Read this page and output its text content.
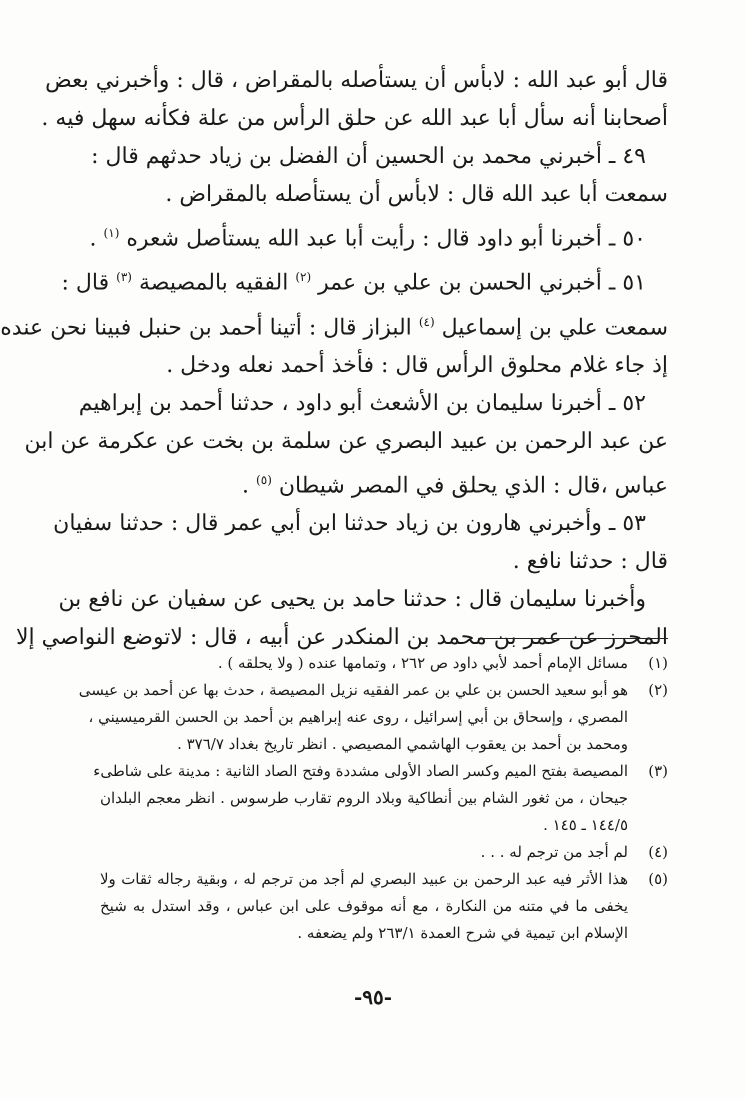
قال أبو عبد الله : لابأس أن يستأصله بالمقراض ، قال : وأخبرني بعض
أصحابنا أنه سأل أبا عبد الله عن حلق الرأس من علة فكأنه سهل فيه .
٤٩ ـ أخبرني محمد بن الحسين أن الفضل بن زياد حدثهم قال :
سمعت أبا عبد الله قال : لابأس أن يستأصله بالمقراض .
٥٠ ـ أخبرنا أبو داود قال : رأيت أبا عبد الله يستأصل شعره $^{(١)}$ .
٥١ ـ أخبرني الحسن بن علي بن عمر $^{(٢)}$ الفقيه بالمصيصة $^{(٣)}$ قال :
سمعت علي بن إسماعيل $^{(٤)}$ البزاز قال : أتينا أحمد بن حنبل فبينا نحن عنده
إذ جاء غلام محلوق الرأس قال : فأخذ أحمد نعله ودخل .
٥٢ ـ أخبرنا سليمان بن الأشعث أبو داود ، حدثنا أحمد بن إبراهيم
عن عبد الرحمن بن عبيد البصري عن سلمة بن بخت عن عكرمة عن ابن
عباس ،قال : الذي يحلق في المصر شيطان $^{(٥)}$ .
٥٣ ـ وأخبرني هارون بن زياد حدثنا ابن أبي عمر قال : حدثنا سفيان
قال : حدثنا نافع .
وأخبرنا سليمان قال : حدثنا حامد بن يحيى عن سفيان عن نافع بن
المحرز عن عمر بن محمد بن المنكدر عن أبيه ، قال : لاتوضع النواصي إلا
(١)
مسائل الإمام أحمد لأبي داود ص ٢٦٢ ، وتمامها عنده ( ولا يحلقه ) .
(٢)
هو أبو سعيد الحسن بن علي بن عمر الفقيه نزيل المصيصة ، حدث بها عن أحمد بن عيسى
المصري ، وإسحاق بن أبي إسرائيل ، روى عنه إبراهيم بن أحمد بن الحسن القرميسيني ،
ومحمد بن أحمد بن يعقوب الهاشمي المصيصي . انظر تاريخ بغداد ٣٧٦/٧ .
(٣)
المصيصة بفتح الميم وكسر الصاد الأولى مشددة وفتح الصاد الثانية : مدينة على شاطىء
جيحان ، من ثغور الشام بين أنطاكية وبلاد الروم تقارب طرسوس . انظر معجم البلدان
١٤٤/٥ ـ ١٤٥ .
(٤)
لم أجد من ترجم له . . .
(٥)
هذا الأثر فيه عبد الرحمن بن عبيد البصري لم أجد من ترجم له ، وبقية رجاله ثقات ولا
يخفى ما في متنه من النكارة ، مع أنه موقوف على ابن عباس ، وقد استدل به شيخ
الإسلام ابن تيمية في شرح العمدة ٢٦٣/١ ولم يضعفه .
-٩٥-
